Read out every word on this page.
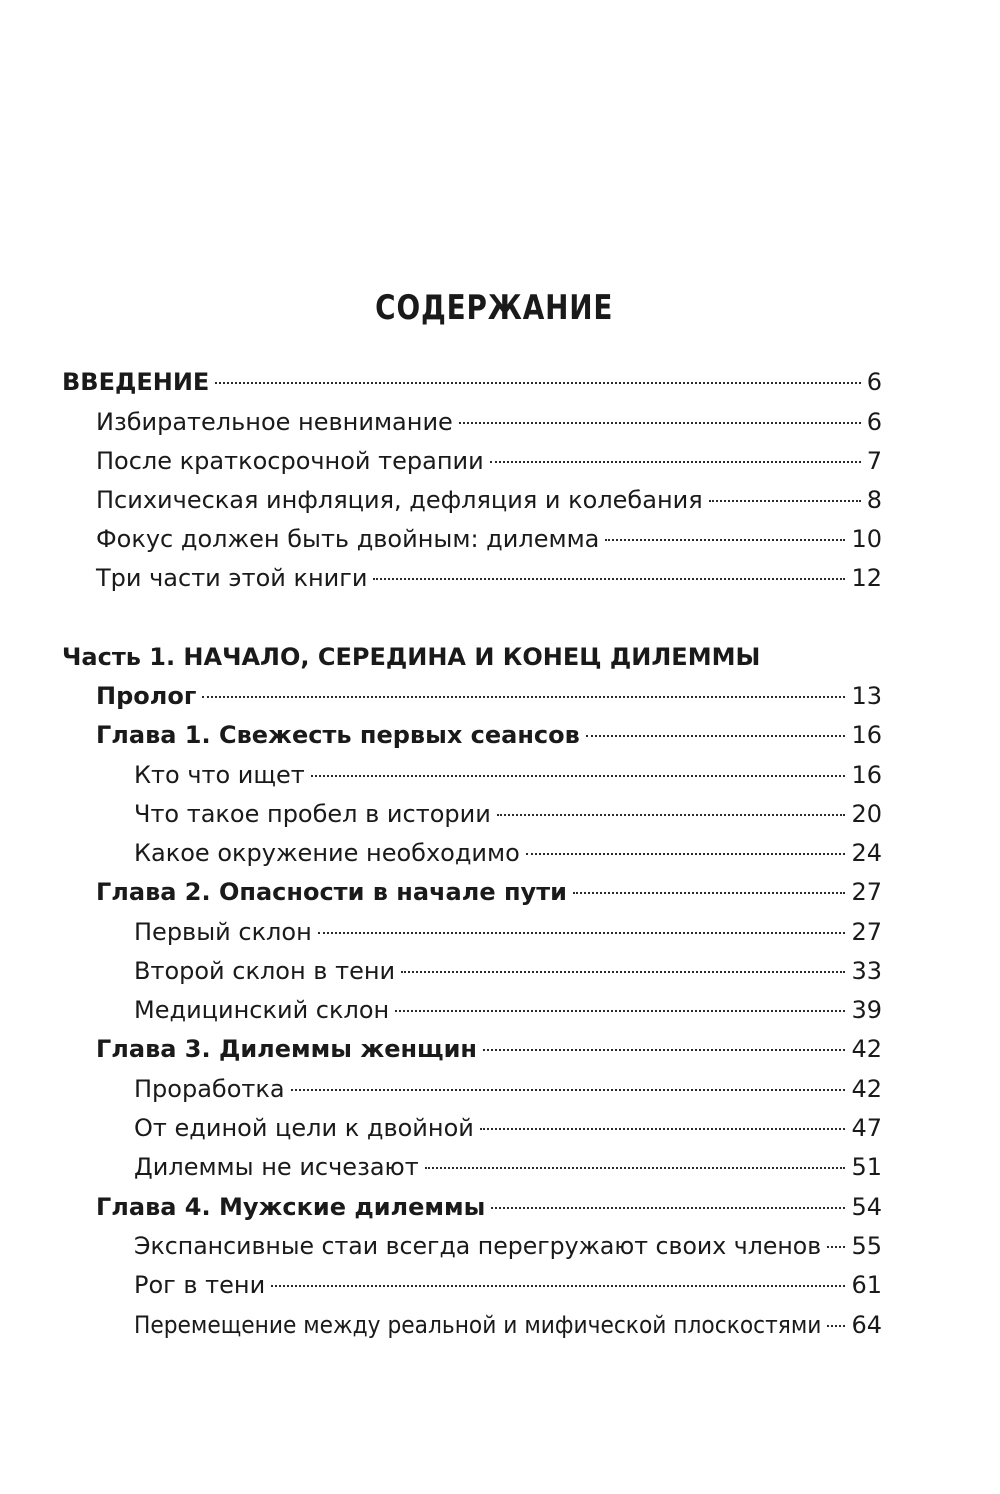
СОДЕРЖАНИЕ
ВВЕДЕНИЕ	6
Избирательное невнимание	6
После краткосрочной терапии	7
Психическая инфляция, дефляция и колебания	8
Фокус должен быть двойным: дилемма	10
Три части этой книги	12
Часть 1. НАЧАЛО, СЕРЕДИНА И КОНЕЦ ДИЛЕММЫ
Пролог	13
Глава 1. Свежесть первых сеансов	16
Кто что ищет	16
Что такое пробел в истории	20
Какое окружение необходимо	24
Глава 2. Опасности в начале пути	27
Первый склон	27
Второй склон в тени	33
Медицинский склон	39
Глава 3. Дилеммы женщин	42
Проработка	42
От единой цели к двойной	47
Дилеммы не исчезают	51
Глава 4. Мужские дилеммы	54
Экспансивные стаи всегда перегружают своих членов 55
Рог в тени	61
Перемещение между реальной и мифической плоскостями 64
